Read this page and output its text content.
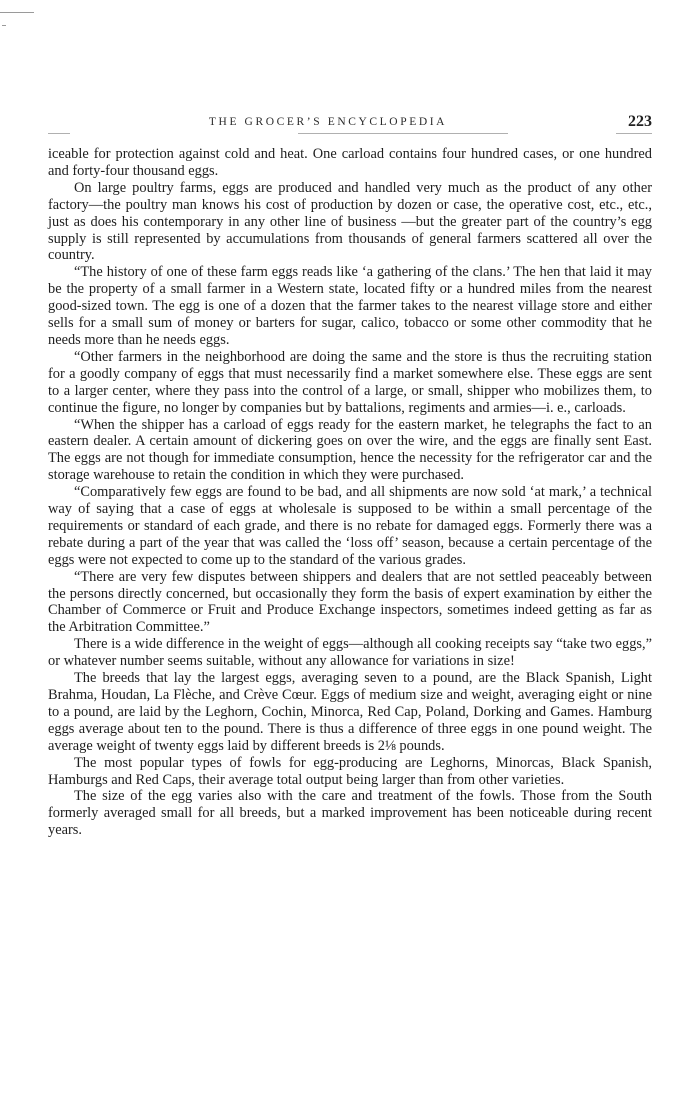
THE GROCER’S ENCYCLOPEDIA	223

iceable for protection against cold and heat. One carload contains four hundred cases, or one hundred and forty-four thousand eggs.

On large poultry farms, eggs are produced and handled very much as the product of any other factory—the poultry man knows his cost of production by dozen or case, the operative cost, etc., etc., just as does his contemporary in any other line of business —but the greater part of the country’s egg supply is still represented by accumulations from thousands of general farmers scattered all over the country.

“The history of one of these farm eggs reads like ‘a gathering of the clans.’ The hen that laid it may be the property of a small farmer in a Western state, located fifty or a hundred miles from the nearest good-sized town. The egg is one of a dozen that the farmer takes to the nearest village store and either sells for a small sum of money or barters for sugar, calico, tobacco or some other commodity that he needs more than he needs eggs.

“Other farmers in the neighborhood are doing the same and the store is thus the recruiting station for a goodly company of eggs that must necessarily find a market somewhere else. These eggs are sent to a larger center, where they pass into the control of a large, or small, shipper who mobilizes them, to continue the figure, no longer by companies but by battalions, regiments and armies—i. e., carloads.

“When the shipper has a carload of eggs ready for the eastern market, he telegraphs the fact to an eastern dealer. A certain amount of dickering goes on over the wire, and the eggs are finally sent East. The eggs are not though for immediate consumption, hence the necessity for the refrigerator car and the storage warehouse to retain the condition in which they were purchased.

“Comparatively few eggs are found to be bad, and all shipments are now sold ‘at mark,’ a technical way of saying that a case of eggs at wholesale is supposed to be within a small percentage of the requirements or standard of each grade, and there is no rebate for damaged eggs. Formerly there was a rebate during a part of the year that was called the ‘loss off’ season, because a certain percentage of the eggs were not expected to come up to the standard of the various grades.

“There are very few disputes between shippers and dealers that are not settled peaceably between the persons directly concerned, but occasionally they form the basis of expert examination by either the Chamber of Commerce or Fruit and Produce Exchange inspectors, sometimes indeed getting as far as the Arbitration Committee.”

There is a wide difference in the weight of eggs—although all cooking receipts say “take two eggs,” or whatever number seems suitable, without any allowance for variations in size!

The breeds that lay the largest eggs, averaging seven to a pound, are the Black Spanish, Light Brahma, Houdan, La Flèche, and Crève Cœur. Eggs of medium size and weight, averaging eight or nine to a pound, are laid by the Leghorn, Cochin, Minorca, Red Cap, Poland, Dorking and Games. Hamburg eggs average about ten to the pound. There is thus a difference of three eggs in one pound weight. The average weight of twenty eggs laid by different breeds is 2⅛ pounds.

The most popular types of fowls for egg-producing are Leghorns, Minorcas, Black Spanish, Hamburgs and Red Caps, their average total output being larger than from other varieties.

The size of the egg varies also with the care and treatment of the fowls. Those from the South formerly averaged small for all breeds, but a marked improvement has been noticeable during recent years.
